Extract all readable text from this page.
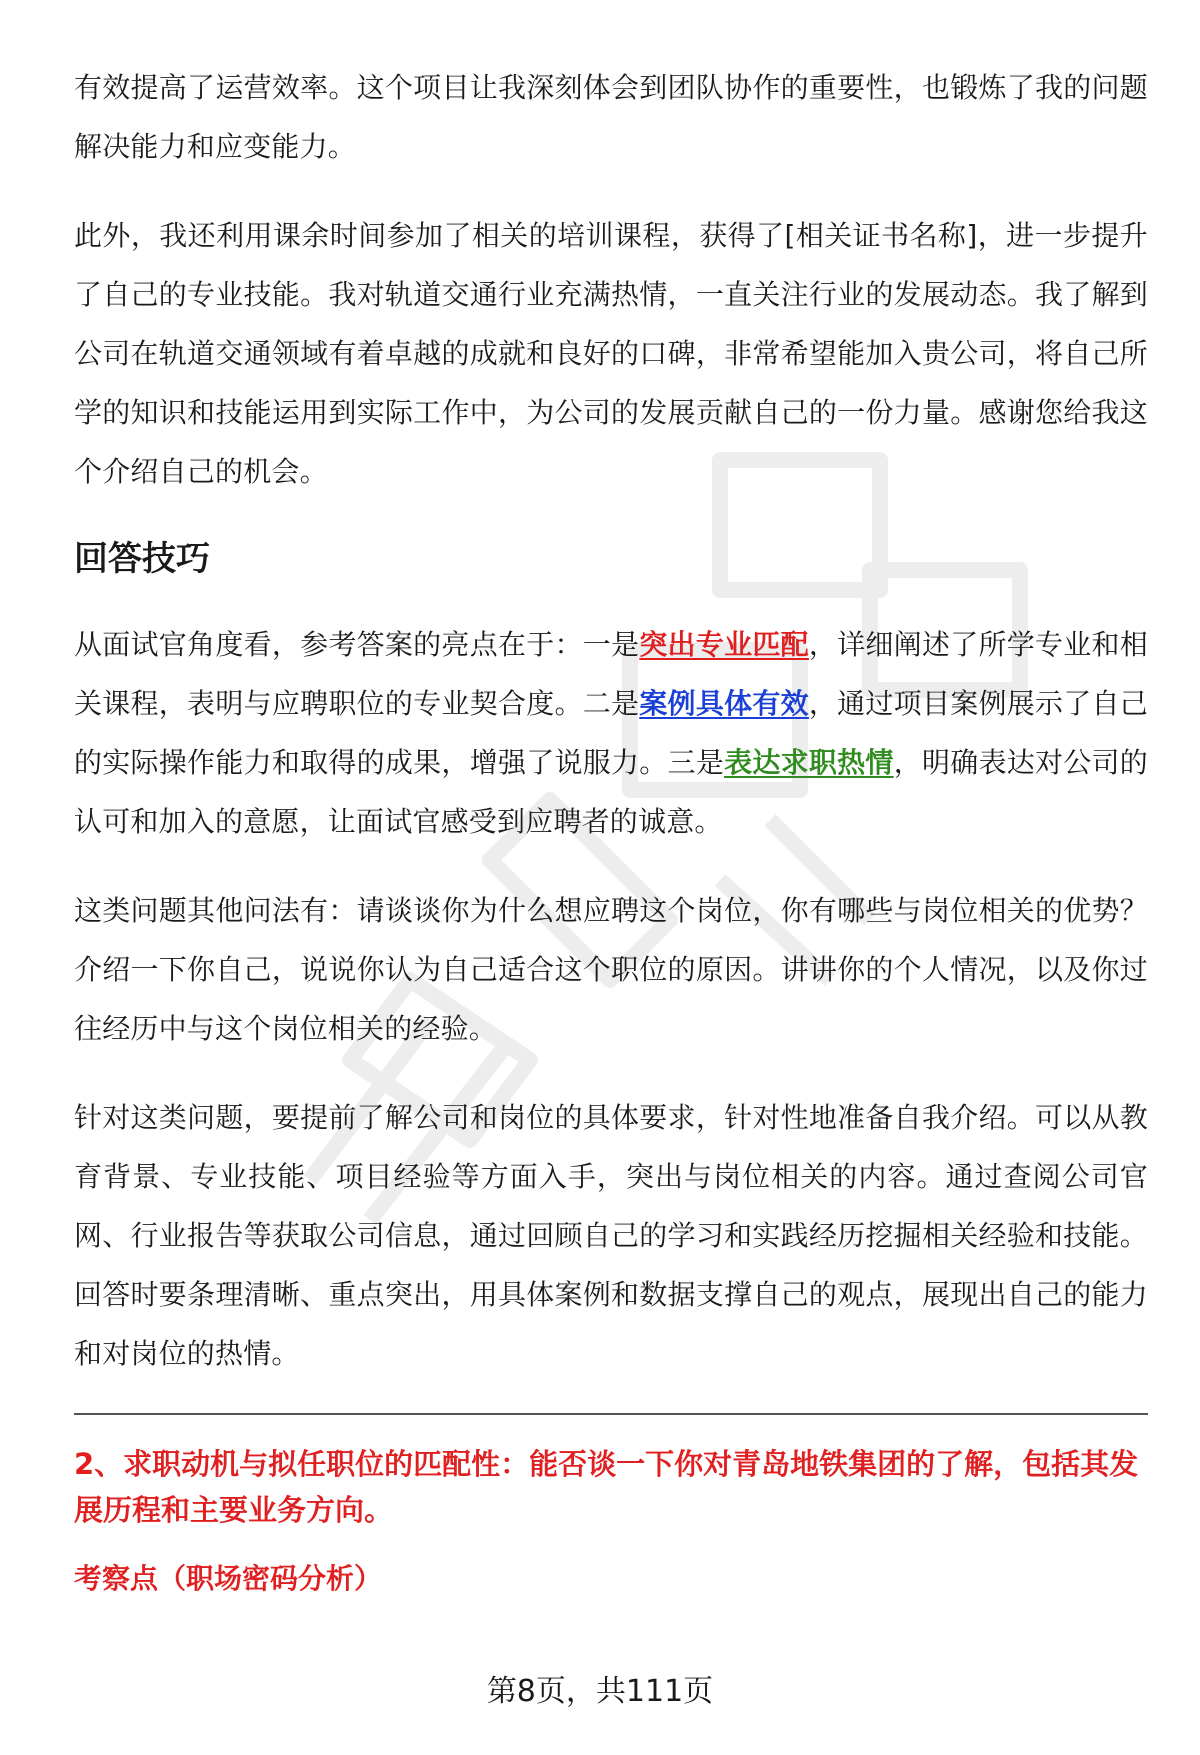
有效提高了运营效率。这个项目让我深刻体会到团队协作的重要性，也锻炼了我的问题解决能力和应变能力。

此外，我还利用课余时间参加了相关的培训课程，获得了[相关证书名称]，进一步提升了自己的专业技能。我对轨道交通行业充满热情，一直关注行业的发展动态。我了解到公司在轨道交通领域有着卓越的成就和良好的口碑，非常希望能加入贵公司，将自己所学的知识和技能运用到实际工作中，为公司的发展贡献自己的一份力量。感谢您给我这个介绍自己的机会。

回答技巧

从面试官角度看，参考答案的亮点在于：一是突出专业匹配，详细阐述了所学专业和相关课程，表明与应聘职位的专业契合度。二是案例具体有效，通过项目案例展示了自己的实际操作能力和取得的成果，增强了说服力。三是表达求职热情，明确表达对公司的认可和加入的意愿，让面试官感受到应聘者的诚意。

这类问题其他问法有：请谈谈你为什么想应聘这个岗位，你有哪些与岗位相关的优势？介绍一下你自己，说说你认为自己适合这个职位的原因。讲讲你的个人情况，以及你过往经历中与这个岗位相关的经验。

针对这类问题，要提前了解公司和岗位的具体要求，针对性地准备自我介绍。可以从教育背景、专业技能、项目经验等方面入手，突出与岗位相关的内容。通过查阅公司官网、行业报告等获取公司信息，通过回顾自己的学习和实践经历挖掘相关经验和技能。回答时要条理清晰、重点突出，用具体案例和数据支撑自己的观点，展现出自己的能力和对岗位的热情。

2、求职动机与拟任职位的匹配性：能否谈一下你对青岛地铁集团的了解，包括其发展历程和主要业务方向。
考察点（职场密码分析）
第8页，共111页
